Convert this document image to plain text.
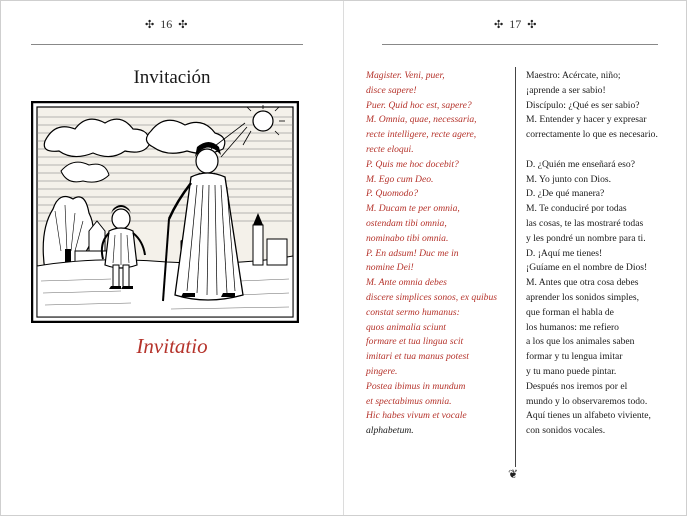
✣ 16 ✣
Invitación
Invitatio
✣ 17 ✣
Magister. Veni, puer,
disce sapere!
Puer. Quid hoc est, sapere?
M. Omnia, quae, necessaria,
recte intelligere, recte agere,
recte eloqui.
P. Quis me hoc docebit?
M. Ego cum Deo.
P. Quomodo?
M. Ducam te per omnia,
ostendam tibi omnia,
nominabo tibi omnia.
P. En adsum! Duc me in
nomine Dei!
M. Ante omnia debes
discere simplices sonos, ex quibus
constat sermo humanus:
quos animalia sciunt
formare et tua lingua scit
imitari et tua manus potest
pingere.
Postea ibimus in mundum
et spectabimus omnia.
Hic habes vivum et vocale
alphabetum.
❦
Maestro: Acércate, niño;
¡aprende a ser sabio!
Discípulo: ¿Qué es ser sabio?
M. Entender y hacer y expresar
correctamente lo que es necesario.
D. ¿Quién me enseñará eso?
M. Yo junto con Dios.
D. ¿De qué manera?
M. Te conduciré por todas
las cosas, te las mostraré todas
y les pondré un nombre para ti.
D. ¡Aquí me tienes!
¡Guíame en el nombre de Dios!
M. Antes que otra cosa debes
aprender los sonidos simples,
que forman el habla de
los humanos: me refiero
a los que los animales saben
formar y tu lengua imitar
y tu mano puede pintar.
Después nos iremos por el
mundo y lo observaremos todo.
Aquí tienes un alfabeto viviente,
con sonidos vocales.
